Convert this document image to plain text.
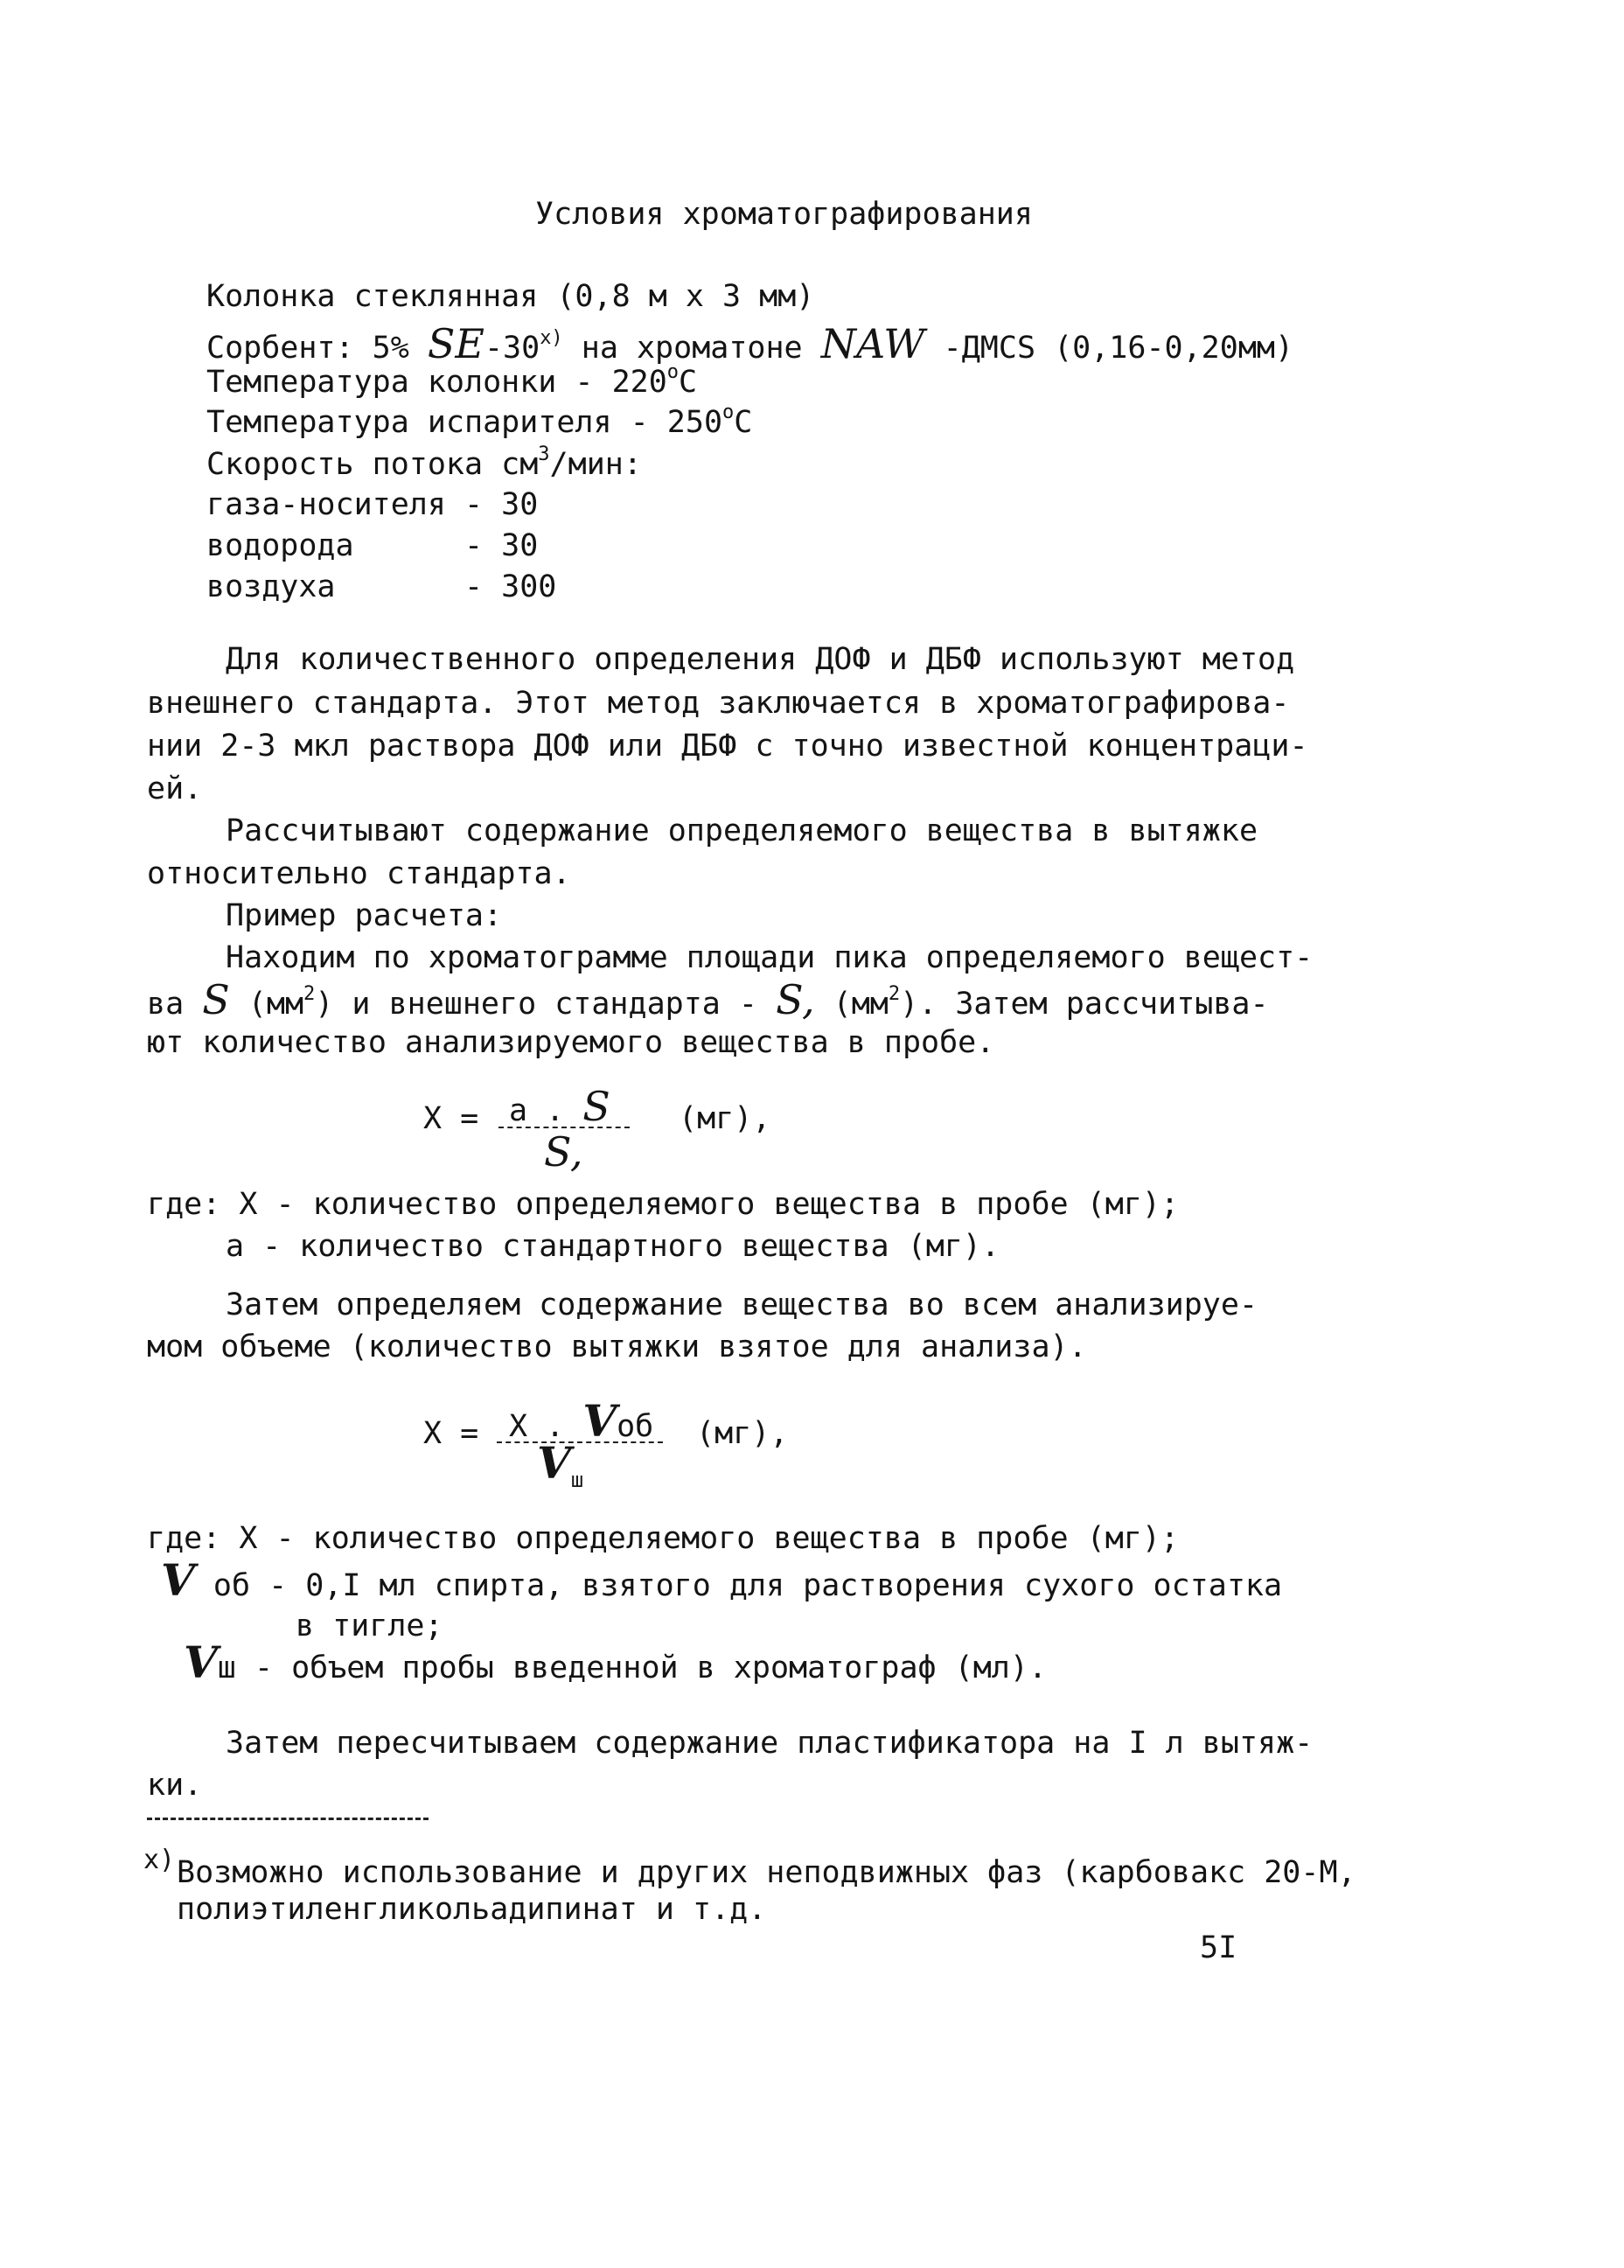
Условия хроматографирования
Колонка стеклянная (0,8 м х 3 мм)
Сорбент: 5% $SE-30^{х)}$ на хроматоне NAW -ДМСS (0,16-0,20мм)
Температура колонки - $220^оС$
Температура испарителя - $250^оС$
Скорость потока $см^3$/мин:
газа-носителя - 30
водорода      - 30
воздуха       - 300
Для количественного определения ДОФ и ДБФ используют метод
внешнего стандарта. Этот метод заключается в хроматографирова-
нии 2-3 мкл раствора ДОФ или ДБФ с точно известной концентраци-
ей.
Рассчитывают содержание определяемого вещества в вытяжке
относительно стандарта.
Пример расчета:
Находим по хроматограмме площади пика определяемого вещест-
ва S $(мм^2)$ и внешнего стандарта - S, $(мм^2)$. Затем рассчитыва-
ют количество анализируемого вещества в пробе.
X = a . S
S,
(мг),
где: X - количество определяемого вещества в пробе (мг);
a - количество стандартного вещества (мг).
Затем определяем содержание вещества во всем анализируе-
мом объеме (количество вытяжки взятое для анализа).
X = X . Vоб
$V_ш$
(мг),
где: X - количество определяемого вещества в пробе (мг);
V об - 0,I мл спирта, взятого для растворения сухого остатка
в тигле;
Vш - объем пробы введенной в хроматограф (мл).
Затем пересчитываем содержание пластификатора на I л вытяж-
ки.
х) Возможно использование и других неподвижных фаз (карбовакс 20-М,
полиэтиленгликольадипинат и т.д.
5I
